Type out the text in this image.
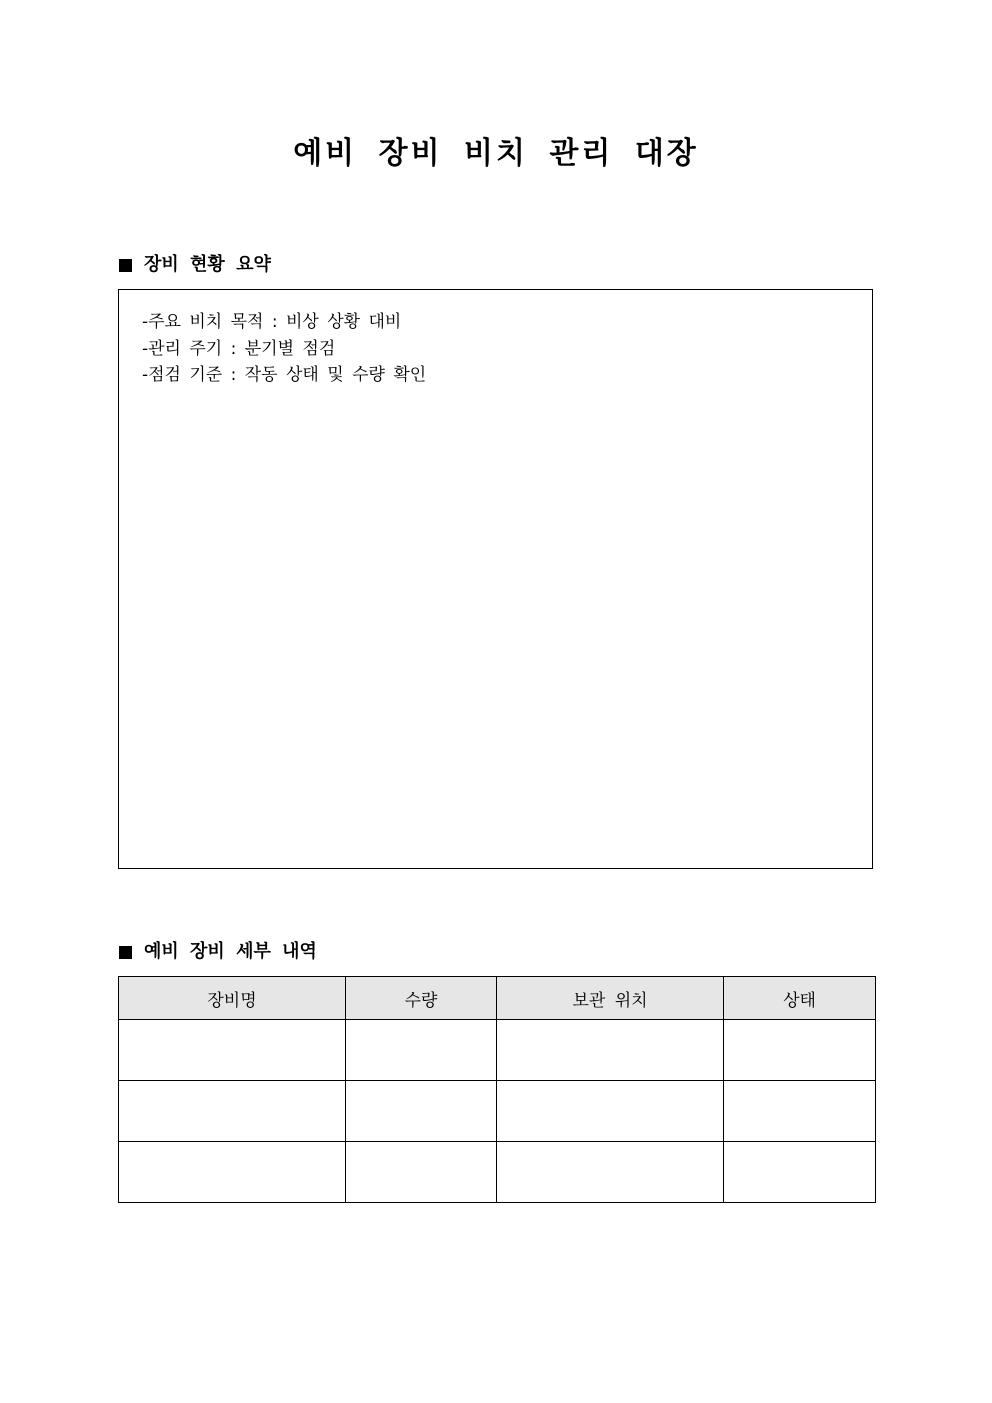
예비 장비 비치 관리 대장
장비 현황 요약
-주요 비치 목적 : 비상 상황 대비
-관리 주기 : 분기별 점검
-점검 기준 : 작동 상태 및 수량 확인
예비 장비 세부 내역
장비명	수량	보관 위치	상태
